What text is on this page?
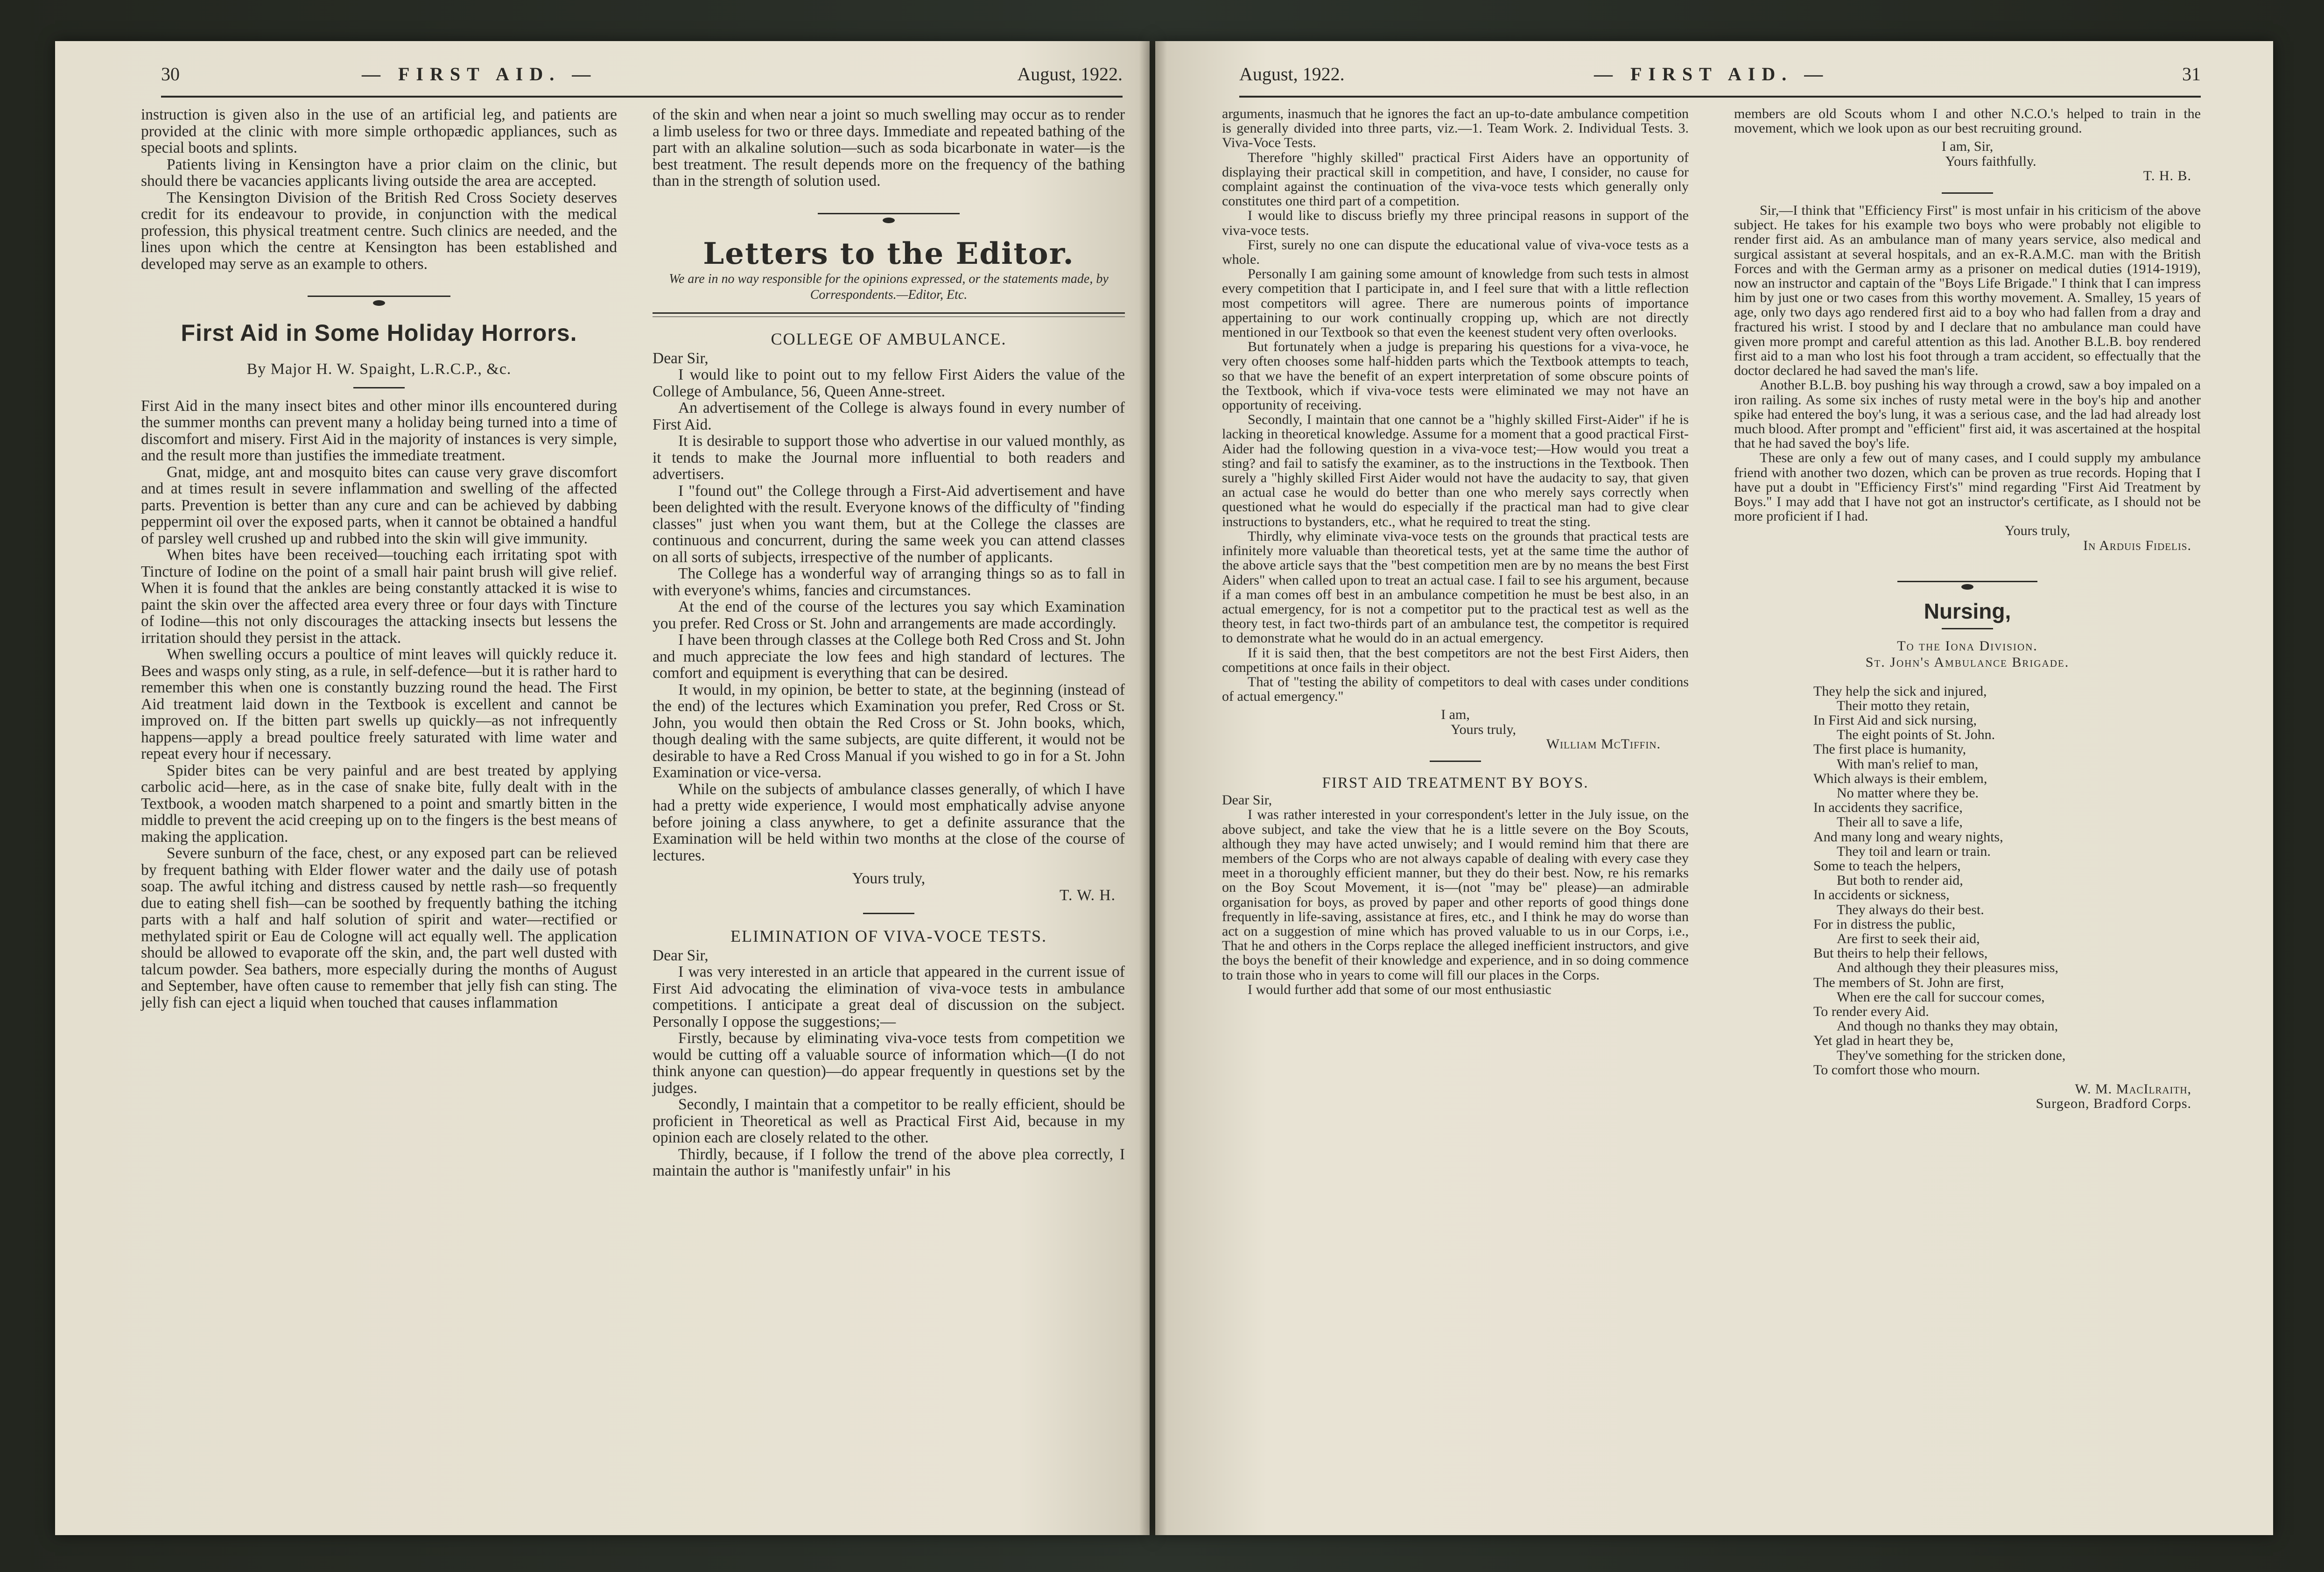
30	— FIRST AID. —	August, 1922.	August, 1922.	— FIRST AID. —	31

instruction is given also in the use of an artificial leg, and patients are provided at the clinic with more simple orthopædic appliances, such as special boots and splints.

Patients living in Kensington have a prior claim on the clinic, but should there be vacancies applicants living outside the area are accepted.

The Kensington Division of the British Red Cross Society deserves credit for its endeavour to provide, in conjunction with the medical profession, this physical treatment centre. Such clinics are needed, and the lines upon which the centre at Kensington has been established and developed may serve as an example to others.

First Aid in Some Holiday Horrors.
By Major H. W. Spaight, L.R.C.P., &c.

First Aid in the many insect bites and other minor ills encountered during the summer months can prevent many a holiday being turned into a time of discomfort and misery. First Aid in the majority of instances is very simple, and the result more than justifies the immediate treatment.

Gnat, midge, ant and mosquito bites can cause very grave discomfort and at times result in severe inflammation and swelling of the affected parts. Prevention is better than any cure and can be achieved by dabbing peppermint oil over the exposed parts, when it cannot be obtained a handful of parsley well crushed up and rubbed into the skin will give immunity.

When bites have been received—touching each irritating spot with Tincture of Iodine on the point of a small hair paint brush will give relief. When it is found that the ankles are being constantly attacked it is wise to paint the skin over the affected area every three or four days with Tincture of Iodine—this not only discourages the attacking insects but lessens the irritation should they persist in the attack.

When swelling occurs a poultice of mint leaves will quickly reduce it. Bees and wasps only sting, as a rule, in self-defence—but it is rather hard to remember this when one is constantly buzzing round the head. The First Aid treatment laid down in the Textbook is excellent and cannot be improved on. If the bitten part swells up quickly—as not infrequently happens—apply a bread poultice freely saturated with lime water and repeat every hour if necessary.

Spider bites can be very painful and are best treated by applying carbolic acid—here, as in the case of snake bite, fully dealt with in the Textbook, a wooden match sharpened to a point and smartly bitten in the middle to prevent the acid creeping up on to the fingers is the best means of making the application.

Severe sunburn of the face, chest, or any exposed part can be relieved by frequent bathing with Elder flower water and the daily use of potash soap. The awful itching and distress caused by nettle rash—so frequently due to eating shell fish—can be soothed by frequently bathing the itching parts with a half and half solution of spirit and water—rectified or methylated spirit or Eau de Cologne will act equally well. The application should be allowed to evaporate off the skin, and, the part well dusted with talcum powder. Sea bathers, more especially during the months of August and September, have often cause to remember that jelly fish can sting. The jelly fish can eject a liquid when touched that causes inflammation

of the skin and when near a joint so much swelling may occur as to render a limb useless for two or three days. Immediate and repeated bathing of the part with an alkaline solution—such as soda bicarbonate in water—is the best treatment. The result depends more on the frequency of the bathing than in the strength of solution used.

Letters to the Editor.
We are in no way responsible for the opinions expressed, or the statements made, by Correspondents.—Editor, Etc.
COLLEGE OF AMBULANCE.

Dear Sir,

I would like to point out to my fellow First Aiders the value of the College of Ambulance, 56, Queen Anne-street.

An advertisement of the College is always found in every number of First Aid.

It is desirable to support those who advertise in our valued monthly, as it tends to make the Journal more influential to both readers and advertisers.

I "found out" the College through a First-Aid advertisement and have been delighted with the result. Everyone knows of the difficulty of "finding classes" just when you want them, but at the College the classes are continuous and concurrent, during the same week you can attend classes on all sorts of subjects, irrespective of the number of applicants.

The College has a wonderful way of arranging things so as to fall in with everyone's whims, fancies and circumstances.

At the end of the course of the lectures you say which Examination you prefer. Red Cross or St. John and arrangements are made accordingly.

I have been through classes at the College both Red Cross and St. John and much appreciate the low fees and high standard of lectures. The comfort and equipment is everything that can be desired.

It would, in my opinion, be better to state, at the beginning (instead of the end) of the lectures which Examination you prefer, Red Cross or St. John, you would then obtain the Red Cross or St. John books, which, though dealing with the same subjects, are quite different, it would not be desirable to have a Red Cross Manual if you wished to go in for a St. John Examination or vice-versa.

While on the subjects of ambulance classes generally, of which I have had a pretty wide experience, I would most emphatically advise anyone before joining a class anywhere, to get a definite assurance that the Examination will be held within two months at the close of the course of lectures.

Yours truly,

T. W. H.

ELIMINATION OF VIVA-VOCE TESTS.

Dear Sir,

I was very interested in an article that appeared in the current issue of First Aid advocating the elimination of viva-voce tests in ambulance competitions. I anticipate a great deal of discussion on the subject. Personally I oppose the suggestions;—

Firstly, because by eliminating viva-voce tests from competition we would be cutting off a valuable source of information which—(I do not think anyone can question)—do appear frequently in questions set by the judges.

Secondly, I maintain that a competitor to be really efficient, should be proficient in Theoretical as well as Practical First Aid, because in my opinion each are closely related to the other.

Thirdly, because, if I follow the trend of the above plea correctly, I maintain the author is "manifestly unfair" in his

arguments, inasmuch that he ignores the fact an up-to-date ambulance competition is generally divided into three parts, viz.—1. Team Work. 2. Individual Tests. 3. Viva-Voce Tests.

Therefore "highly skilled" practical First Aiders have an opportunity of displaying their practical skill in competition, and have, I consider, no cause for complaint against the continuation of the viva-voce tests which generally only constitutes one third part of a competition.

I would like to discuss briefly my three principal reasons in support of the viva-voce tests.

First, surely no one can dispute the educational value of viva-voce tests as a whole.

Personally I am gaining some amount of knowledge from such tests in almost every competition that I participate in, and I feel sure that with a little reflection most competitors will agree. There are numerous points of importance appertaining to our work continually cropping up, which are not directly mentioned in our Textbook so that even the keenest student very often overlooks.

But fortunately when a judge is preparing his questions for a viva-voce, he very often chooses some half-hidden parts which the Textbook attempts to teach, so that we have the benefit of an expert interpretation of some obscure points of the Textbook, which if viva-voce tests were eliminated we may not have an opportunity of receiving.

Secondly, I maintain that one cannot be a "highly skilled First-Aider" if he is lacking in theoretical knowledge. Assume for a moment that a good practical First-Aider had the following question in a viva-voce test;—How would you treat a sting? and fail to satisfy the examiner, as to the instructions in the Textbook. Then surely a "highly skilled First Aider would not have the audacity to say, that given an actual case he would do better than one who merely says correctly when questioned what he would do especially if the practical man had to give clear instructions to bystanders, etc., what he required to treat the sting.

Thirdly, why eliminate viva-voce tests on the grounds that practical tests are infinitely more valuable than theoretical tests, yet at the same time the author of the above article says that the "best competition men are by no means the best First Aiders" when called upon to treat an actual case. I fail to see his argument, because if a man comes off best in an ambulance competition he must be best also, in an actual emergency, for is not a competitor put to the practical test as well as the theory test, in fact two-thirds part of an ambulance test, the competitor is required to demonstrate what he would do in an actual emergency.

If it is said then, that the best competitors are not the best First Aiders, then competitions at once fails in their object.

That of "testing the ability of competitors to deal with cases under conditions of actual emergency."

I am,

Yours truly,

William McTiffin.

FIRST AID TREATMENT BY BOYS.

Dear Sir,

I was rather interested in your correspondent's letter in the July issue, on the above subject, and take the view that he is a little severe on the Boy Scouts, although they may have acted unwisely; and I would remind him that there are members of the Corps who are not always capable of dealing with every case they meet in a thoroughly efficient manner, but they do their best. Now, re his remarks on the Boy Scout Movement, it is—(not "may be" please)—an admirable organisation for boys, as proved by paper and other reports of good things done frequently in life-saving, assistance at fires, etc., and I think he may do worse than act on a suggestion of mine which has proved valuable to us in our Corps, i.e., That he and others in the Corps replace the alleged inefficient instructors, and give the boys the benefit of their knowledge and experience, and in so doing commence to train those who in years to come will fill our places in the Corps.

I would further add that some of our most enthusiastic

members are old Scouts whom I and other N.C.O.'s helped to train in the movement, which we look upon as our best recruiting ground.

I am, Sir,

Yours faithfully.

T. H. B.

Sir,—I think that "Efficiency First" is most unfair in his criticism of the above subject. He takes for his example two boys who were probably not eligible to render first aid. As an ambulance man of many years service, also medical and surgical assistant at several hospitals, and an ex-R.A.M.C. man with the British Forces and with the German army as a prisoner on medical duties (1914-1919), now an instructor and captain of the "Boys Life Brigade." I think that I can impress him by just one or two cases from this worthy movement. A. Smalley, 15 years of age, only two days ago rendered first aid to a boy who had fallen from a dray and fractured his wrist. I stood by and I declare that no ambulance man could have given more prompt and careful attention as this lad. Another B.L.B. boy rendered first aid to a man who lost his foot through a tram accident, so effectually that the doctor declared he had saved the man's life.

Another B.L.B. boy pushing his way through a crowd, saw a boy impaled on a iron railing. As some six inches of rusty metal were in the boy's hip and another spike had entered the boy's lung, it was a serious case, and the lad had already lost much blood. After prompt and "efficient" first aid, it was ascertained at the hospital that he had saved the boy's life.

These are only a few out of many cases, and I could supply my ambulance friend with another two dozen, which can be proven as true records. Hoping that I have put a doubt in "Efficiency First's" mind regarding "First Aid Treatment by Boys." I may add that I have not got an instructor's certificate, as I should not be more proficient if I had.

Yours truly,

In Arduis Fidelis.

Nursing,
To the Iona Division.
St. John's Ambulance Brigade.
They help the sick and injured,
Their motto they retain,
In First Aid and sick nursing,
The eight points of St. John.
The first place is humanity,
With man's relief to man,
Which always is their emblem,
No matter where they be.
In accidents they sacrifice,
Their all to save a life,
And many long and weary nights,
They toil and learn or train.
Some to teach the helpers,
But both to render aid,
In accidents or sickness,
They always do their best.
For in distress the public,
Are first to seek their aid,
But theirs to help their fellows,
And although they their pleasures miss,
The members of St. John are first,
When ere the call for succour comes,
To render every Aid.
And though no thanks they may obtain,
Yet glad in heart they be,
They've something for the stricken done,
To comfort those who mourn.

W. M. MacIlraith,

Surgeon, Bradford Corps.
